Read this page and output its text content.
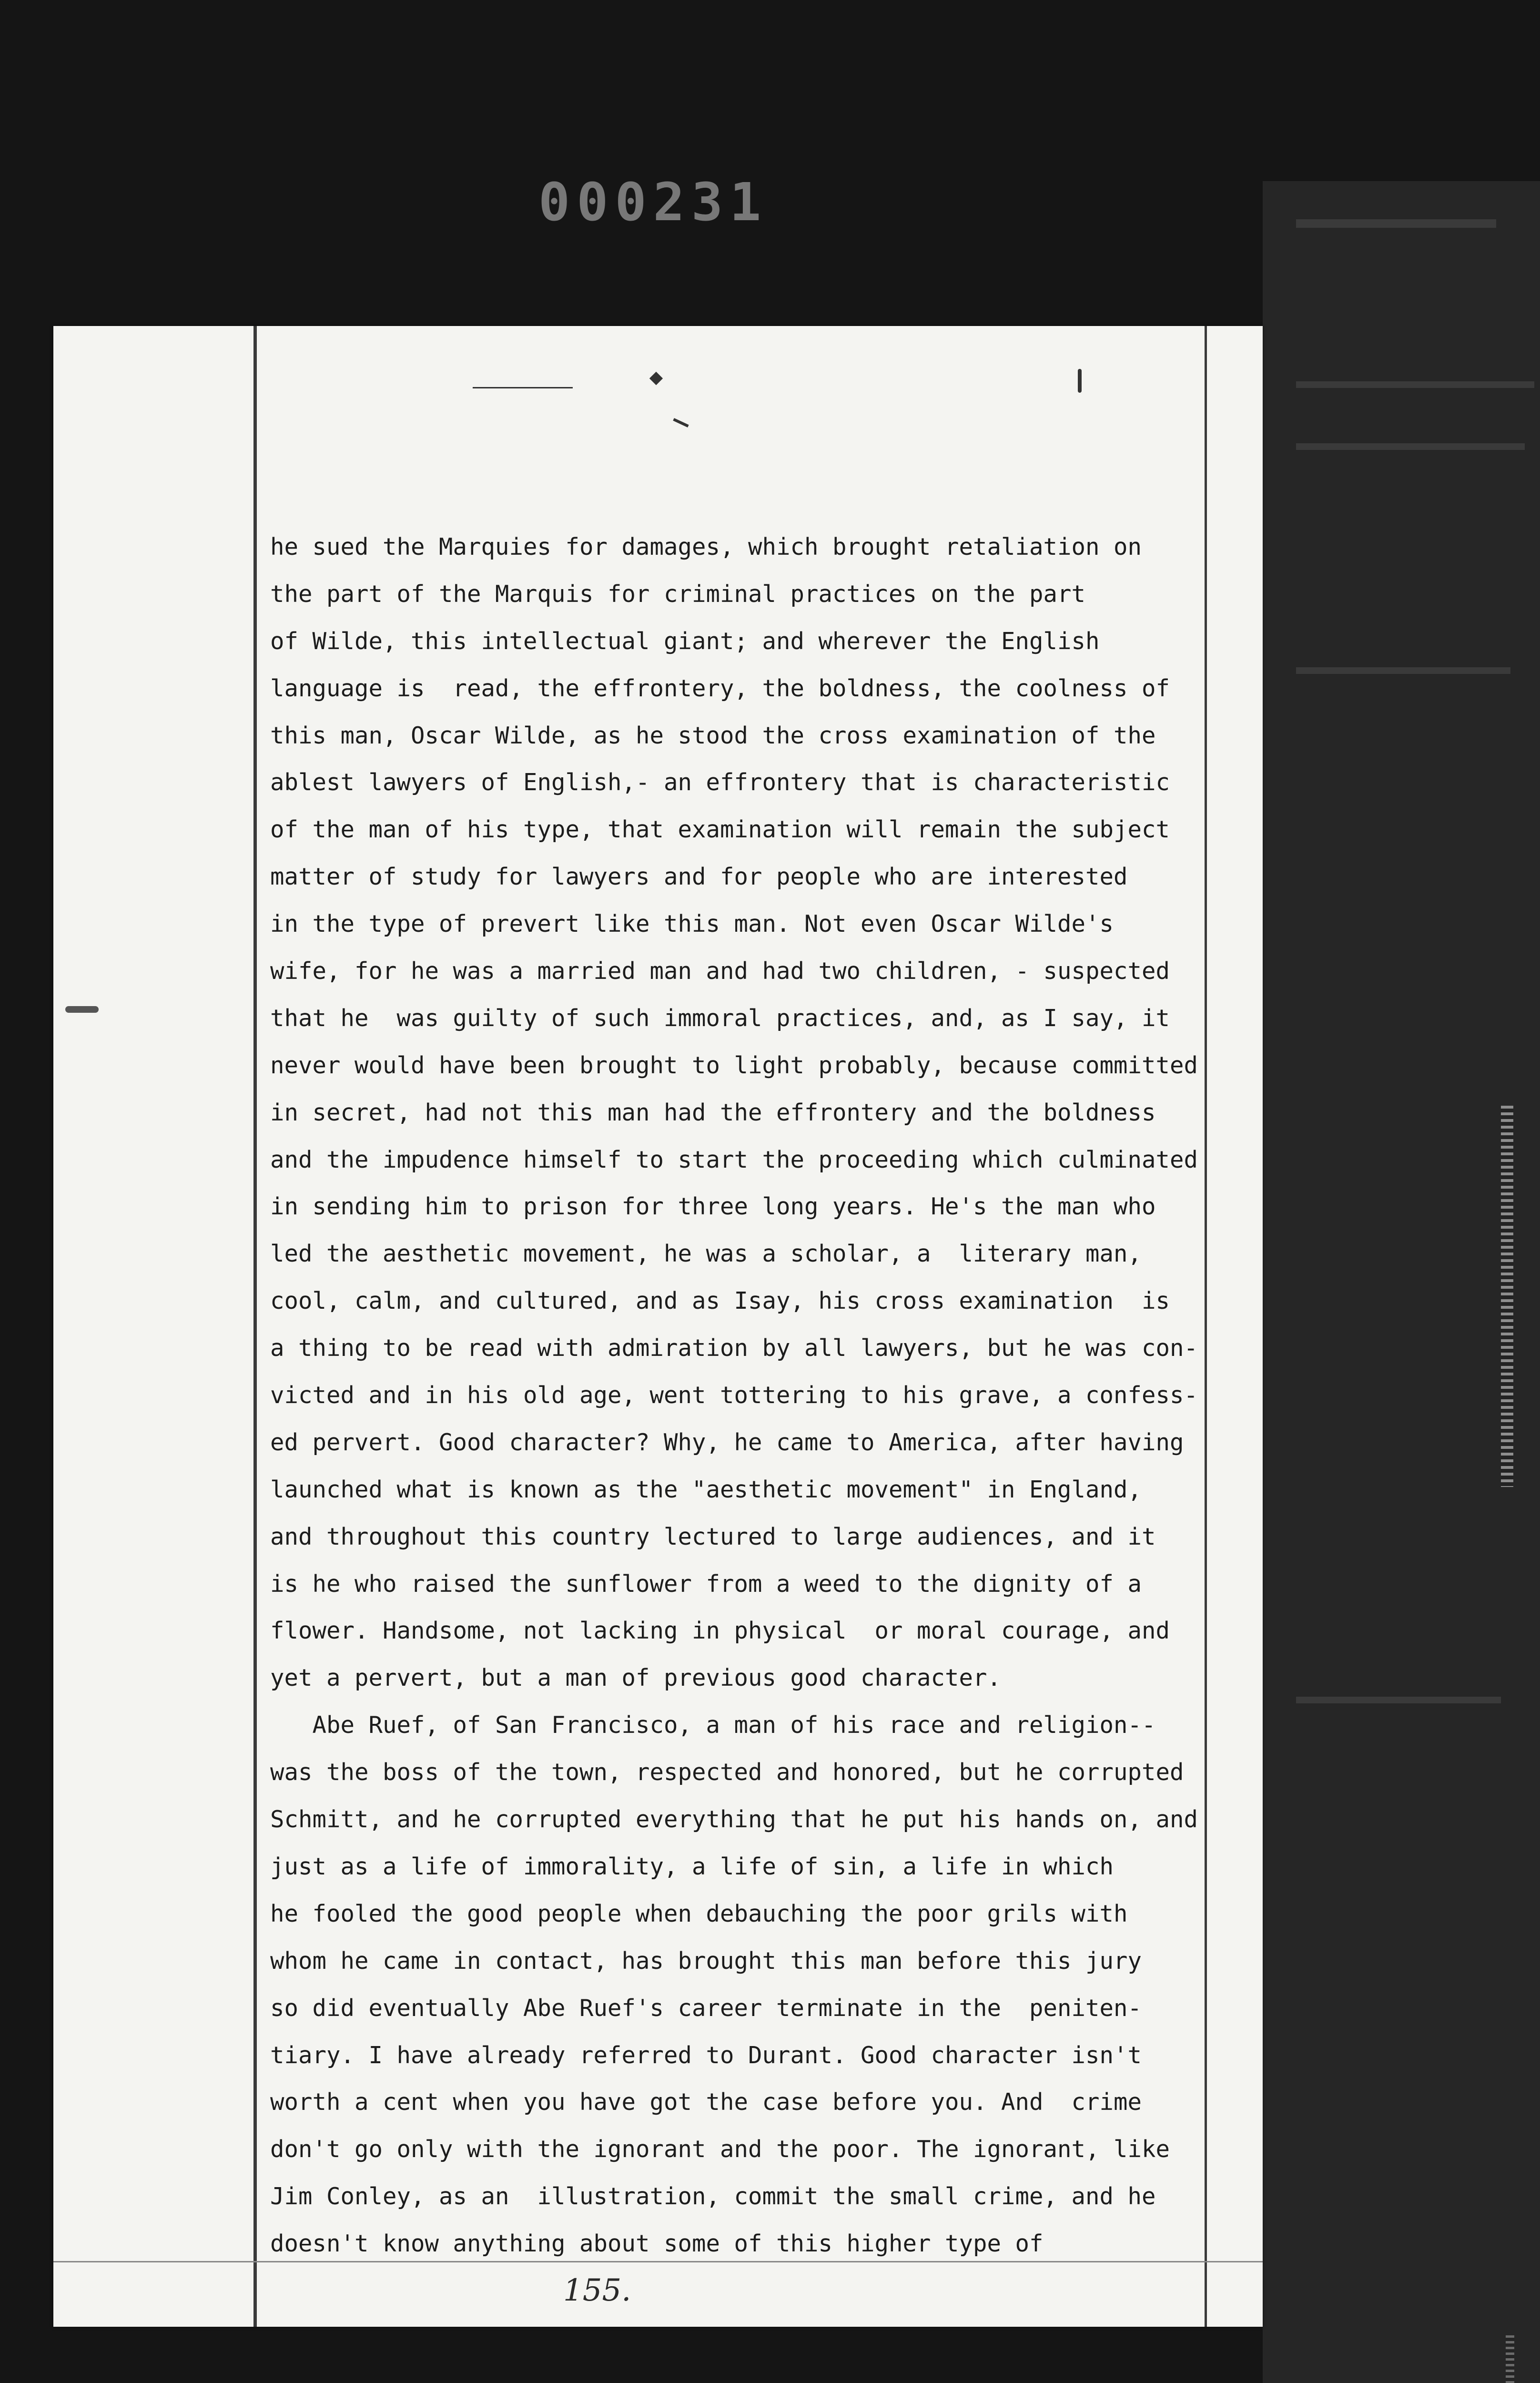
000231
he sued the Marquies for damages, which brought retaliation on
the part of the Marquis for criminal practices on the part
of Wilde, this intellectual giant; and wherever the English
language is  read, the effrontery, the boldness, the coolness of
this man, Oscar Wilde, as he stood the cross examination of the
ablest lawyers of English,- an effrontery that is characteristic
of the man of his type, that examination will remain the subject
matter of study for lawyers and for people who are interested
in the type of prevert like this man. Not even Oscar Wilde's
wife, for he was a married man and had two children, - suspected
that he  was guilty of such immoral practices, and, as I say, it
never would have been brought to light probably, because committed
in secret, had not this man had the effrontery and the boldness
and the impudence himself to start the proceeding which culminated
in sending him to prison for three long years. He's the man who
led the aesthetic movement, he was a scholar, a  literary man,
cool, calm, and cultured, and as Isay, his cross examination  is
a thing to be read with admiration by all lawyers, but he was con-
victed and in his old age, went tottering to his grave, a confess-
ed pervert. Good character? Why, he came to America, after having
launched what is known as the "aesthetic movement" in England,
and throughout this country lectured to large audiences, and it
is he who raised the sunflower from a weed to the dignity of a
flower. Handsome, not lacking in physical  or moral courage, and
yet a pervert, but a man of previous good character.
Abe Ruef, of San Francisco, a man of his race and religion--
was the boss of the town, respected and honored, but he corrupted
Schmitt, and he corrupted everything that he put his hands on, and
just as a life of immorality, a life of sin, a life in which
he fooled the good people when debauching the poor grils with
whom he came in contact, has brought this man before this jury
so did eventually Abe Ruef's career terminate in the  peniten-
tiary. I have already referred to Durant. Good character isn't
worth a cent when you have got the case before you. And  crime
don't go only with the ignorant and the poor. The ignorant, like
Jim Conley, as an  illustration, commit the small crime, and he
doesn't know anything about some of this higher type of
155.
